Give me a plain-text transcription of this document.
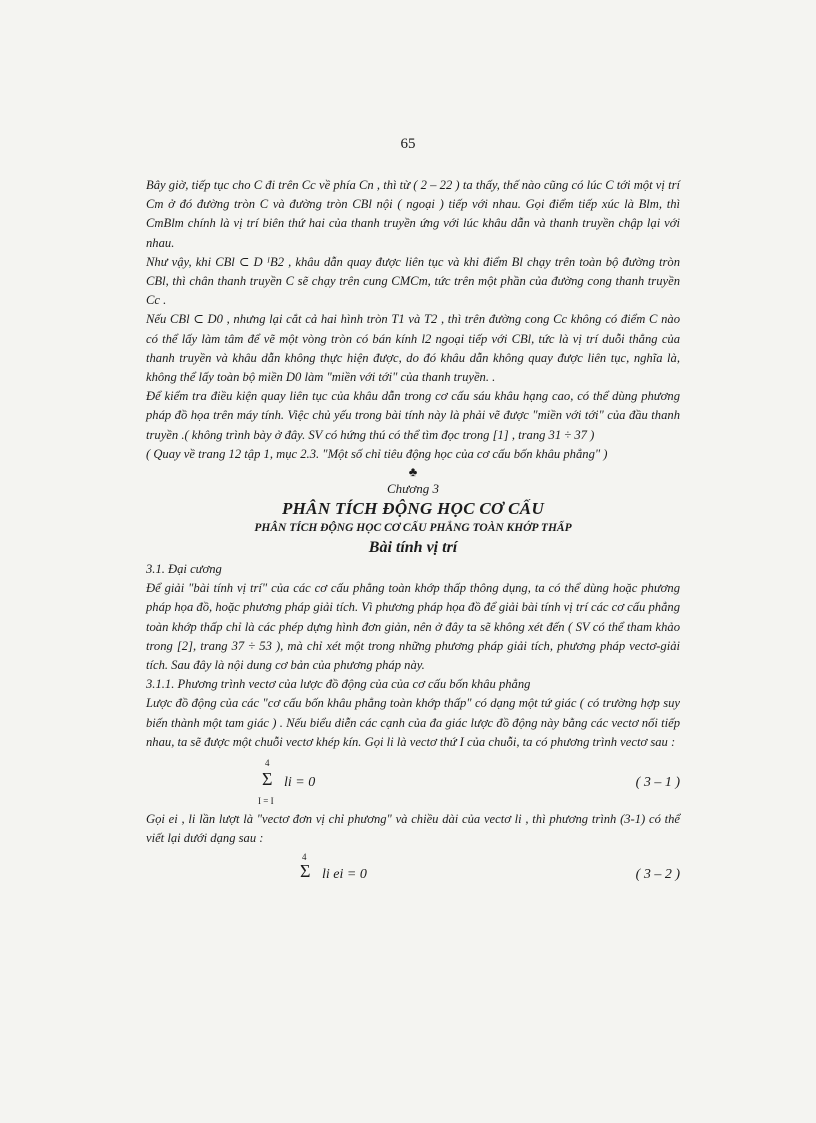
65

Bây giờ, tiếp tục cho C đi trên Cc về phía Cn , thì từ ( 2 – 22 ) ta thấy, thế nào cũng có lúc C tới một vị trí Cm ở đó đường tròn C và đường tròn CBl nội ( ngoại ) tiếp với nhau. Gọi điểm tiếp xúc là Blm, thì CmBlm chính là vị trí biên thứ hai của thanh truyền ứng với lúc khâu dẫn và thanh truyền chập lại với nhau.

Như vậy, khi CBl ⊂ D ᴵB2 , khâu dẫn quay được liên tục và khi điểm Bl chạy trên toàn bộ đường tròn CBl, thì chân thanh truyền C sẽ chạy trên cung CMCm, tức trên một phần của đường cong thanh truyền Cc .

Nếu CBl ⊂ D0 , nhưng lại cắt cả hai hình tròn T1 và T2 , thì trên đường cong Cc không có điểm C nào có thể lấy làm tâm để vẽ một vòng tròn có bán kính l2 ngoại tiếp với CBl, tức là vị trí duỗi thẳng của thanh truyền và khâu dẫn không thực hiện được, do đó khâu dẫn không quay được liên tục, nghĩa là, không thể lấy toàn bộ miền D0 làm "miền với tới" của thanh truyền. .

Để kiểm tra điều kiện quay liên tục của khâu dẫn trong cơ cấu sáu khâu hạng cao, có thể dùng phương pháp đồ họa trên máy tính. Việc chủ yếu trong bài tính này là phải vẽ được "miền với tới" của đầu thanh truyền .( không trình bày ở đây. SV có hứng thú có thể tìm đọc trong [1] , trang 31 ÷ 37 )

( Quay về trang 12 tập 1, mục 2.3. "Một số chỉ tiêu động học của cơ cấu bốn khâu phẳng" )

♣

Chương 3

PHÂN TÍCH ĐỘNG HỌC CƠ CẤU

PHÂN TÍCH ĐỘNG HỌC CƠ CẤU PHẲNG TOÀN KHỚP THẤP

Bài tính vị trí

3.1. Đại cương

Để giải "bài tính vị trí" của các cơ cấu phẳng toàn khớp thấp thông dụng, ta có thể dùng hoặc phương pháp họa đồ, hoặc phương pháp giải tích. Vì phương pháp họa đồ để giải bài tính vị trí các cơ cấu phẳng toàn khớp thấp chỉ là các phép dựng hình đơn giản, nên ở đây ta sẽ không xét đến ( SV có thể tham khảo trong [2], trang 37 ÷ 53 ), mà chỉ xét một trong những phương pháp giải tích, phương pháp vectơ-giải tích. Sau đây là nội dung cơ bản của phương pháp này.

3.1.1. Phương trình vectơ của lược đồ động của của cơ cấu bốn khâu phẳng

Lược đồ động của các "cơ cấu bốn khâu phẳng toàn khớp thấp" có dạng một tứ giác ( có trường hợp suy biến thành một tam giác ) . Nếu biểu diễn các cạnh của đa giác lược đồ động này bằng các vectơ nối tiếp nhau, ta sẽ được một chuỗi vectơ khép kín. Gọi li là vectơ thứ I của chuỗi, ta có phương trình vectơ sau :

4
Σ
I = I
li = 0	( 3 – 1 )

Gọi ei , li lần lượt là "vectơ đơn vị chỉ phương" và chiều dài của vectơ li , thì phương trình (3-1) có thể viết lại dưới dạng sau :

4
Σ li ei = 0	( 3 – 2 )
